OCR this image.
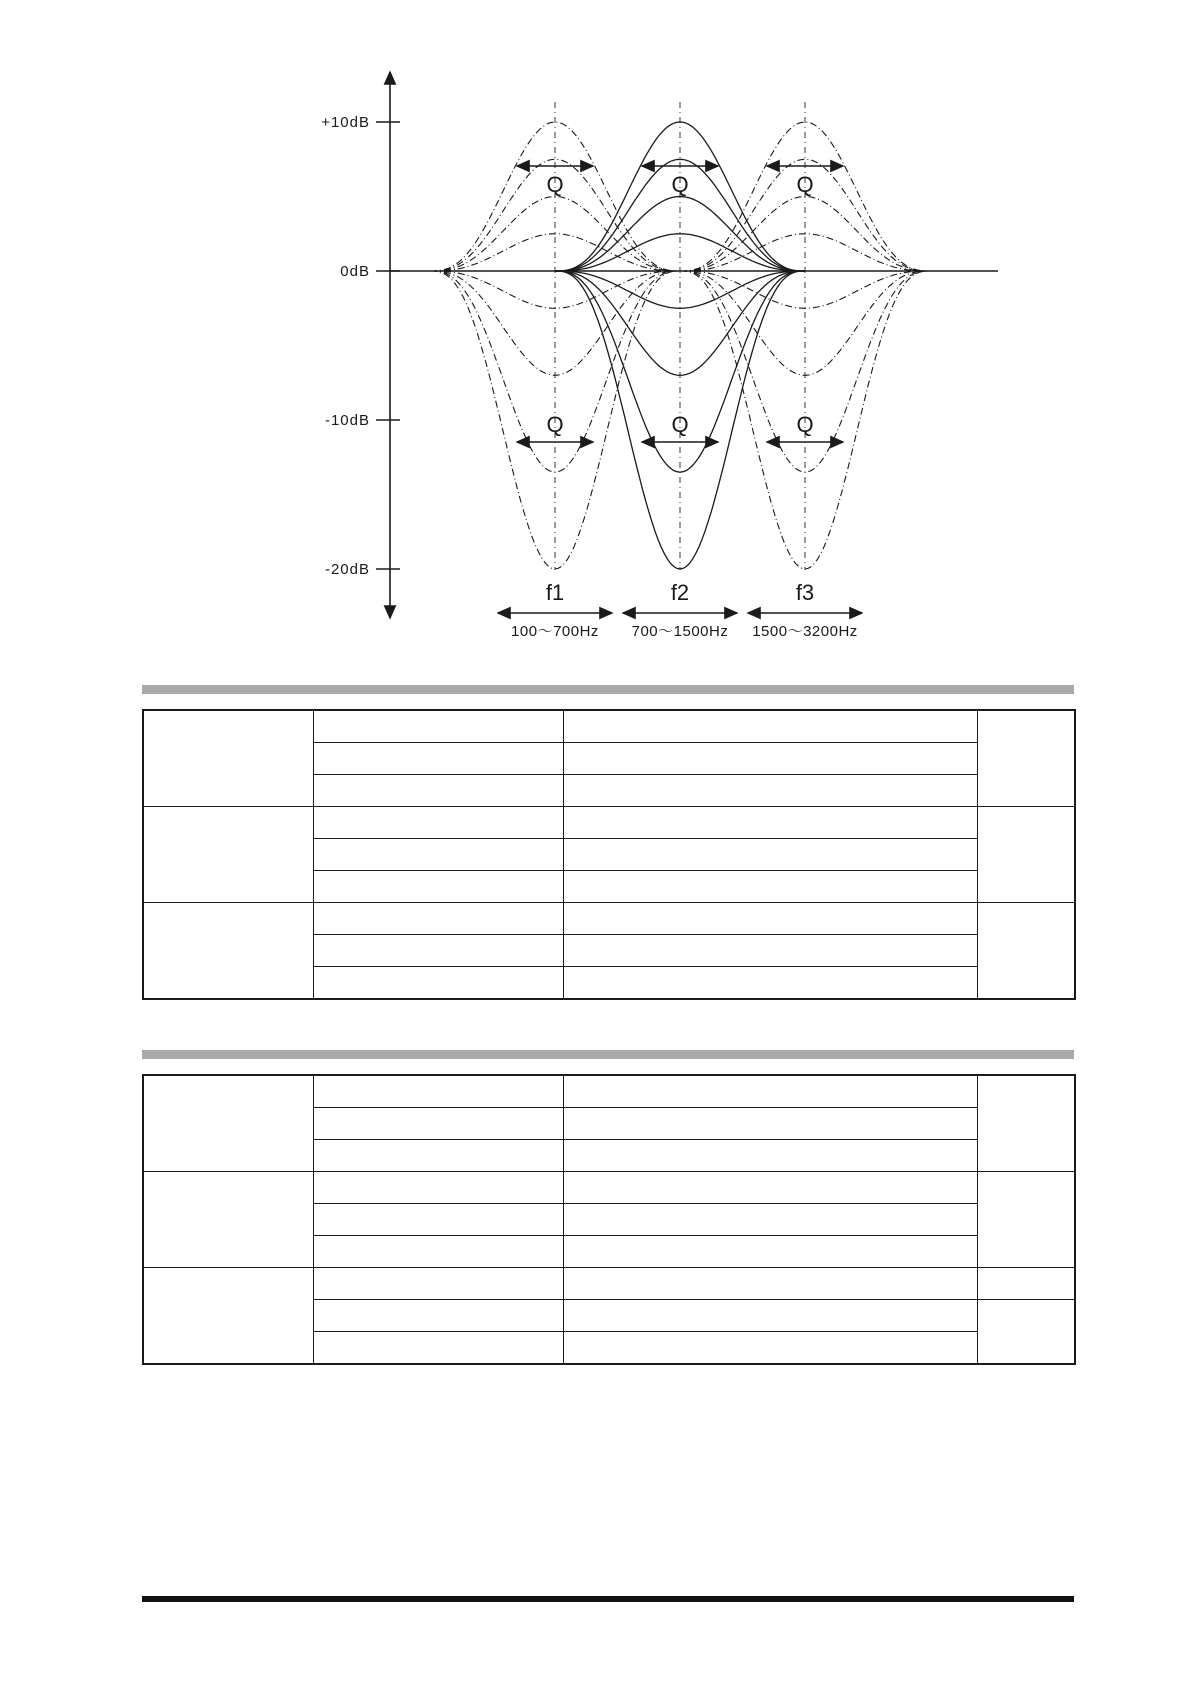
+10dB
0dB
-10dB
-20dB
Q
Q
Q
Q
Q
Q
f1
100～700Hz
f2
700～1500Hz
f3
1500～3200Hz
